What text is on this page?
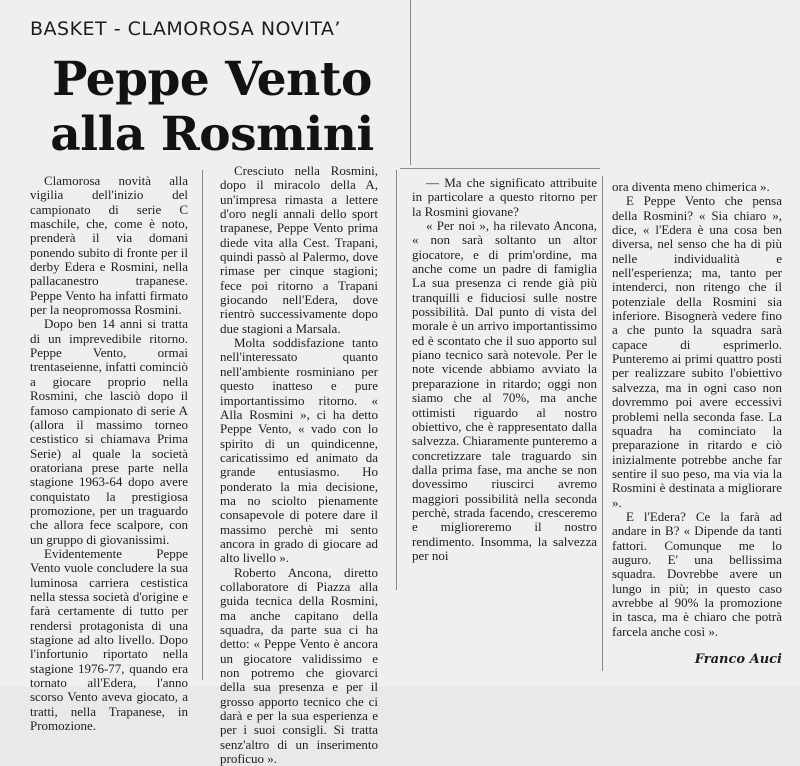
BASKET - CLAMOROSA NOVITA’
Peppe Vento
alla Rosmini

Clamorosa novità alla vigilia dell'inizio del campionato di serie C maschile, che, come è noto, prenderà il via domani ponendo subito di fronte per il derby Edera e Rosmini, nella pallacanestro trapanese. Peppe Vento ha infatti firmato per la neopromossa Rosmini.

Dopo ben 14 anni si tratta di un imprevedibile ritorno. Peppe Vento, ormai trentaseienne, infatti cominciò a giocare proprio nella Rosmini, che lasciò dopo il famoso campionato di serie A (allora il massimo torneo cestistico si chiamava Prima Serie) al quale la società oratoriana prese parte nella stagione 1963-64 dopo avere conquistato la prestigiosa promozione, per un traguardo che allora fece scalpore, con un gruppo di giovanissimi.

Evidentemente Peppe Vento vuole concludere la sua luminosa carriera cestistica nella stessa società d'origine e farà certamente di tutto per rendersi protagonista di una stagione ad alto livello. Dopo l'infortunio riportato nella stagione 1976-77, quando era tornato all'Edera, l'anno scorso Vento aveva giocato, a tratti, nella Trapanese, in Promozione.

Cresciuto nella Rosmini, dopo il miracolo della A, un'impresa rimasta a lettere d'oro negli annali dello sport trapanese, Peppe Vento prima diede vita alla Cest. Trapani, quindi passò al Palermo, dove rimase per cinque stagioni; fece poi ritorno a Trapani giocando nell'Edera, dove rientrò successivamente dopo due stagioni a Marsala.

Molta soddisfazione tanto nell'interessato quanto nell'ambiente rosminiano per questo inatteso e pure importantissimo ritorno. « Alla Rosmini », ci ha detto Peppe Vento, « vado con lo spirito di un quindicenne, caricatissimo ed animato da grande entusiasmo. Ho ponderato la mia decisione, ma no sciolto pienamente consapevole di potere dare il massimo perchè mi sento ancora in grado di giocare ad alto livello ».

Roberto Ancona, diretto collaboratore di Piazza alla guida tecnica della Rosmini, ma anche capitano della squadra, da parte sua ci ha detto: « Peppe Vento è ancora un giocatore validissimo e non potremo che giovarci della sua presenza e per il grosso apporto tecnico che ci darà e per la sua esperienza e per i suoi consigli. Si tratta senz'altro di un inserimento proficuo ».

— Ma che significato attribuite in particolare a questo ritorno per la Rosmini giovane?

« Per noi », ha rilevato Ancona, « non sarà soltanto un altor giocatore, e di prim'ordine, ma anche come un padre di famiglia La sua presenza ci rende già più tranquilli e fiduciosi sulle nostre possibilità. Dal punto di vista del morale è un arrivo importantissimo ed è scontato che il suo apporto sul piano tecnico sarà notevole. Per le note vicende abbiamo avviato la preparazione in ritardo; oggi non siamo che al 70%, ma anche ottimisti riguardo al nostro obiettivo, che è rappresentato dalla salvezza. Chiaramente punteremo a concretizzare tale traguardo sin dalla prima fase, ma anche se non dovessimo riuscirci avremo maggiori possibilità nella seconda perchè, strada facendo, cresceremo e miglioreremo il nostro rendimento. Insomma, la salvezza per noi

ora diventa meno chimerica ».

E Peppe Vento che pensa della Rosmini? « Sia chiaro », dice, « l'Edera è una cosa ben diversa, nel senso che ha di più nelle individualità e nell'esperienza; ma, tanto per intenderci, non ritengo che il potenziale della Rosmini sia inferiore. Bisognerà vedere fino a che punto la squadra sarà capace di esprimerlo. Punteremo ai primi quattro posti per realizzare subito l'obiettivo salvezza, ma in ogni caso non dovremmo poi avere eccessivi problemi nella seconda fase. La squadra ha cominciato la preparazione in ritardo e ciò inizialmente potrebbe anche far sentire il suo peso, ma via via la Rosmini è destinata a migliorare ».

E l'Edera? Ce la farà ad andare in B? « Dipende da tanti fattori. Comunque me lo auguro. E' una bellissima squadra. Dovrebbe avere un lungo in più; in questo caso avrebbe al 90% la promozione in tasca, ma è chiaro che potrà farcela anche così ».

Franco Auci
